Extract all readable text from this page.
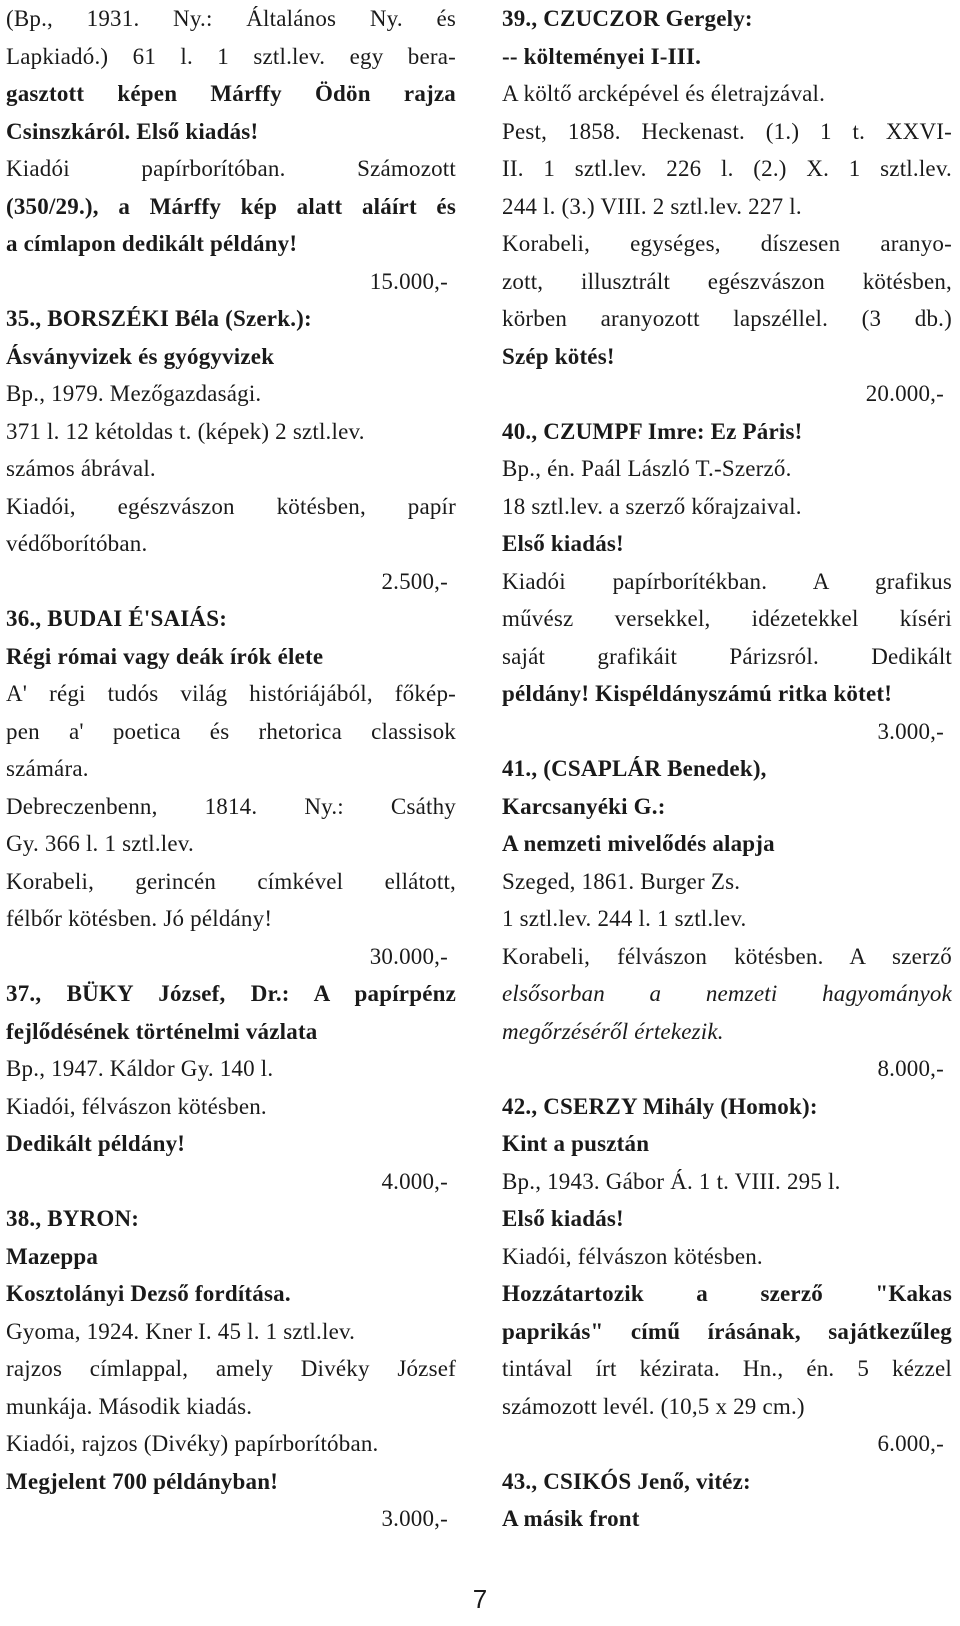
(Bp., 1931. Ny.: Általános Ny. és
Lapkiadó.) 61 l. 1 sztl.lev. egy bera-
gasztott képen Márffy Ödön rajza
Csinszkáról. Első kiadás!
Kiadói papírborítóban. Számozott
(350/29.), a Márffy kép alatt aláírt és
a címlapon dedikált példány!
15.000,-
35., BORSZÉKI Béla (Szerk.):
Ásványvizek és gyógyvizek
Bp., 1979. Mezőgazdasági.
371 l. 12 kétoldas t. (képek) 2 sztl.lev.
számos ábrával.
Kiadói, egészvászon kötésben, papír
védőborítóban.
2.500,-
36., BUDAI É'SAIÁS:
Régi római vagy deák írók élete
A' régi tudós világ históriájából, főkép-
pen a' poetica és rhetorica classisok
számára.
Debreczenbenn, 1814. Ny.: Csáthy
Gy. 366 l. 1 sztl.lev.
Korabeli, gerincén címkével ellátott,
félbőr kötésben. Jó példány!
30.000,-
37., BÜKY József, Dr.: A papírpénz
fejlődésének történelmi vázlata
Bp., 1947. Káldor Gy. 140 l.
Kiadói, félvászon kötésben.
Dedikált példány!
4.000,-
38., BYRON:
Mazeppa
Kosztolányi Dezső fordítása.
Gyoma, 1924. Kner I. 45 l. 1 sztl.lev.
rajzos címlappal, amely Divéky József
munkája. Második kiadás.
Kiadói, rajzos (Divéky) papírborítóban.
Megjelent 700 példányban!
3.000,-
39., CZUCZOR Gergely:
-- költeményei I-III.
A költő arcképével és életrajzával.
Pest, 1858. Heckenast. (1.) 1 t. XXVI-
II. 1 sztl.lev. 226 l. (2.) X. 1 sztl.lev.
244 l. (3.) VIII. 2 sztl.lev. 227 l.
Korabeli, egységes, díszesen aranyo-
zott, illusztrált egészvászon kötésben,
körben aranyozott lapszéllel. (3 db.)
Szép kötés!
20.000,-
40., CZUMPF Imre: Ez Páris!
Bp., én. Paál László T.-Szerző.
18 sztl.lev. a szerző kőrajzaival.
Első kiadás!
Kiadói papírborítékban. A grafikus
művész versekkel, idézetekkel kíséri
saját grafikáit Párizsról. Dedikált
példány! Kispéldányszámú ritka kötet!
3.000,-
41., (CSAPLÁR Benedek),
Karcsanyéki G.:
A nemzeti mivelődés alapja
Szeged, 1861. Burger Zs.
1 sztl.lev. 244 l. 1 sztl.lev.
Korabeli, félvászon kötésben. A szerző
elsősorban a nemzeti hagyományok
megőrzéséről értekezik.
8.000,-
42., CSERZY Mihály (Homok):
Kint a pusztán
Bp., 1943. Gábor Á. 1 t. VIII. 295 l.
Első kiadás!
Kiadói, félvászon kötésben.
Hozzátartozik a szerző "Kakas
paprikás" című írásának, sajátkezűleg
tintával írt kézirata. Hn., én. 5 kézzel
számozott levél. (10,5 x 29 cm.)
6.000,-
43., CSIKÓS Jenő, vitéz:
A másik front
7
